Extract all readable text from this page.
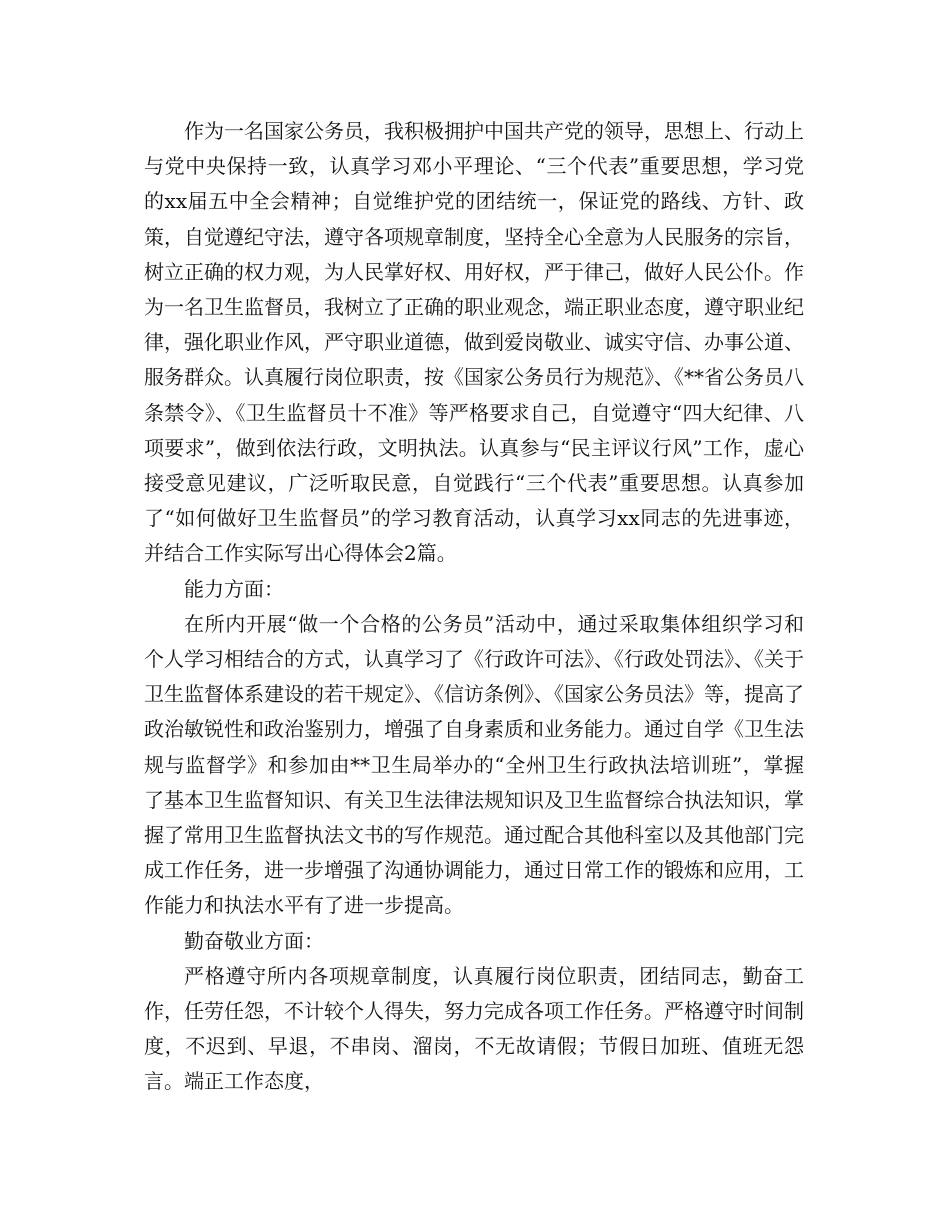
作为一名国家公务员，我积极拥护中国共产党的领导，思想上、行动上与党中央保持一致，认真学习邓小平理论、“三个代表”重要思想，学习党的xx届五中全会精神；自觉维护党的团结统一，保证党的路线、方针、政策，自觉遵纪守法，遵守各项规章制度，坚持全心全意为人民服务的宗旨，树立正确的权力观，为人民掌好权、用好权，严于律己，做好人民公仆。作为一名卫生监督员，我树立了正确的职业观念，端正职业态度，遵守职业纪律，强化职业作风，严守职业道德，做到爱岗敬业、诚实守信、办事公道、服务群众。认真履行岗位职责，按《国家公务员行为规范》、《**省公务员八条禁令》、《卫生监督员十不准》等严格要求自己，自觉遵守“四大纪律、八项要求”，做到依法行政，文明执法。认真参与“民主评议行风”工作，虚心接受意见建议，广泛听取民意，自觉践行“三个代表”重要思想。认真参加了“如何做好卫生监督员”的学习教育活动，认真学习xx同志的先进事迹，并结合工作实际写出心得体会2篇。

能力方面：

在所内开展“做一个合格的公务员”活动中，通过采取集体组织学习和个人学习相结合的方式，认真学习了《行政许可法》、《行政处罚法》、《关于卫生监督体系建设的若干规定》、《信访条例》、《国家公务员法》等，提高了政治敏锐性和政治鉴别力，增强了自身素质和业务能力。通过自学《卫生法规与监督学》和参加由**卫生局举办的“全州卫生行政执法培训班”，掌握了基本卫生监督知识、有关卫生法律法规知识及卫生监督综合执法知识，掌握了常用卫生监督执法文书的写作规范。通过配合其他科室以及其他部门完成工作任务，进一步增强了沟通协调能力，通过日常工作的锻炼和应用，工作能力和执法水平有了进一步提高。

勤奋敬业方面：

严格遵守所内各项规章制度，认真履行岗位职责，团结同志，勤奋工作，任劳任怨，不计较个人得失，努力完成各项工作任务。严格遵守时间制度，不迟到、早退，不串岗、溜岗，不无故请假；节假日加班、值班无怨言。端正工作态度，
